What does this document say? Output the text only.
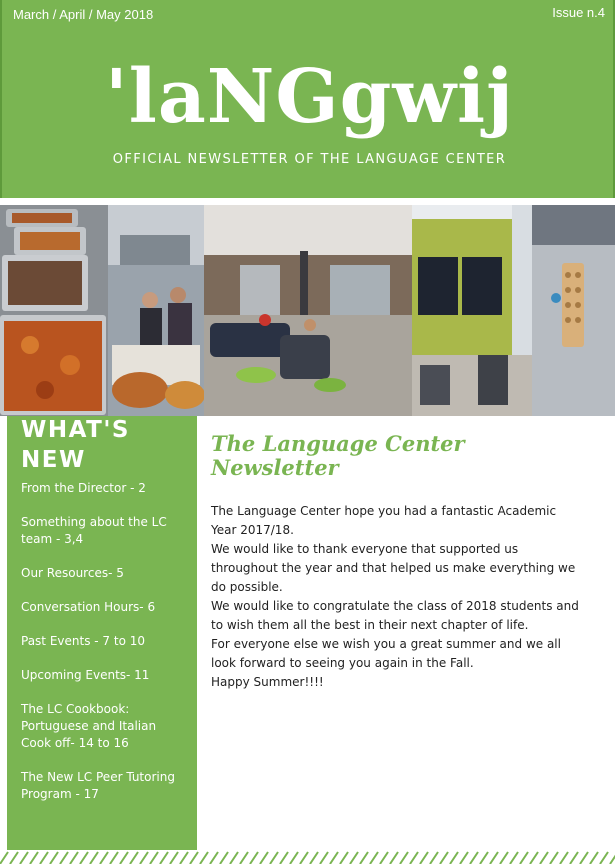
March / April / May 2018	Issue n.4
'laNGgwij
OFFICIAL NEWSLETTER OF THE LANGUAGE CENTER
WHAT'S NEW
From the Director - 2
Something about the LC team - 3,4
Our Resources- 5
Conversation Hours- 6
Past Events - 7 to 10
Upcoming Events- 11
The LC Cookbook: Portuguese and Italian Cook off- 14 to 16
The New LC Peer Tutoring Program - 17
The Language Center Newsletter

The Language Center hope you had a fantastic Academic Year 2017/18.

We would like to thank everyone that supported us throughout the year and that helped us make everything we do possible.

We would like to congratulate the class of 2018 students and to wish them all the best in their next chapter of life.

For everyone else we wish you a great summer and we all look forward to seeing you again in the Fall.

Happy Summer!!!!
